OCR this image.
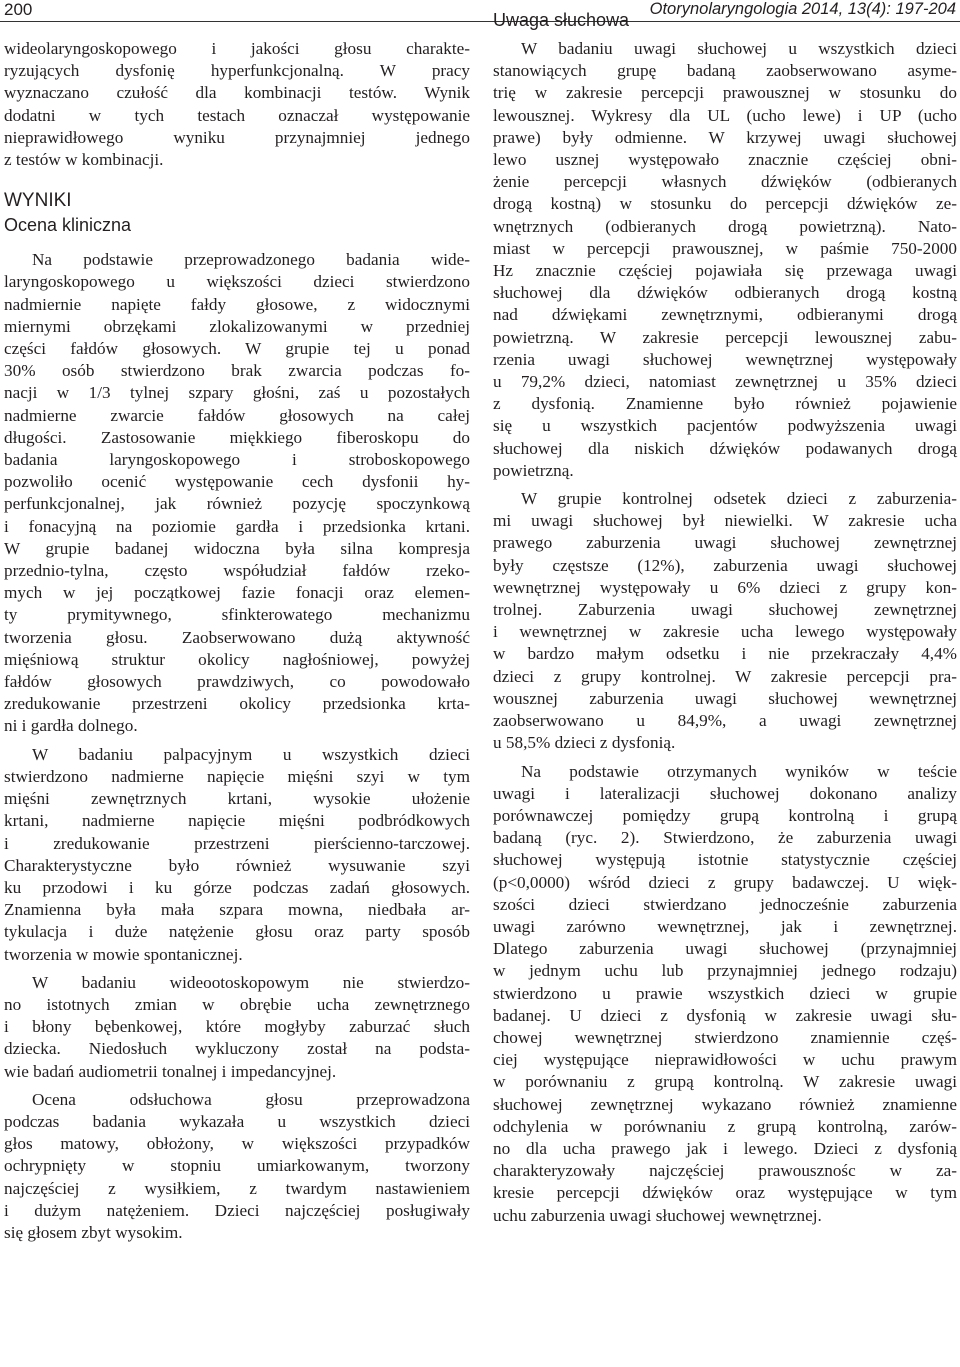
200	Otorynolaryngologia 2014, 13(4): 197-204
wideolaryngoskopowego i jakości głosu charakte-
ryzujących dysfonię hyperfunkcjonalną. W pracy
wyznaczano czułość dla kombinacji testów. Wynik
dodatni w tych testach oznaczał występowanie
nieprawidłowego wyniku przynajmniej jednego
z testów w kombinacji.
WYNIKI
Ocena kliniczna
Na podstawie przeprowadzonego badania wide-
laryngoskopowego u większości dzieci stwierdzono
nadmiernie napięte fałdy głosowe, z widocznymi
miernymi obrzękami zlokalizowanymi w przedniej
części fałdów głosowych. W grupie tej u ponad
30% osób stwierdzono brak zwarcia podczas fo-
nacji w 1/3 tylnej szpary głośni, zaś u pozostałych
nadmierne zwarcie fałdów głosowych na całej
długości. Zastosowanie miękkiego fiberoskopu do
badania laryngoskopowego i stroboskopowego
pozwoliło ocenić występowanie cech dysfonii hy-
perfunkcjonalnej, jak również pozycję spoczynkową
i fonacyjną na poziomie gardła i przedsionka krtani.
W grupie badanej widoczna była silna kompresja
przednio-tylna, często współudział fałdów rzeko-
mych w jej początkowej fazie fonacji oraz elemen-
ty prymitywnego, sfinkterowatego mechanizmu
tworzenia głosu. Zaobserwowano dużą aktywność
mięśniową struktur okolicy nagłośniowej, powyżej
fałdów głosowych prawdziwych, co powodowało
zredukowanie przestrzeni okolicy przedsionka krta-
ni i gardła dolnego.
W badaniu palpacyjnym u wszystkich dzieci
stwierdzono nadmierne napięcie mięśni szyi w tym
mięśni zewnętrznych krtani, wysokie ułożenie
krtani, nadmierne napięcie mięśni podbródkowych
i zredukowanie przestrzeni pierścienno-tarczowej.
Charakterystyczne było również wysuwanie szyi
ku przodowi i ku górze podczas zadań głosowych.
Znamienna była mała szpara mowna, niedbała ar-
tykulacja i duże natężenie głosu oraz party sposób
tworzenia w mowie spontanicznej.
W badaniu wideootoskopowym nie stwierdzo-
no istotnych zmian w obrębie ucha zewnętrznego
i błony bębenkowej, które mogłyby zaburzać słuch
dziecka. Niedosłuch wykluczony został na podsta-
wie badań audiometrii tonalnej i impedancyjnej.
Ocena odsłuchowa głosu przeprowadzona
podczas badania wykazała u wszystkich dzieci
głos matowy, obłożony, w większości przypadków
ochrypnięty w stopniu umiarkowanym, tworzony
najczęściej z wysiłkiem, z twardym nastawieniem
i dużym natężeniem. Dzieci najczęściej posługiwały
się głosem zbyt wysokim.
Uwaga słuchowa
W badaniu uwagi słuchowej u wszystkich dzieci
stanowiących grupę badaną zaobserwowano asyme-
trię w zakresie percepcji prawousznej w stosunku do
lewousznej. Wykresy dla UL (ucho lewe) i UP (ucho
prawe) były odmienne. W krzywej uwagi słuchowej
lewo usznej występowało znacznie częściej obni-
żenie percepcji własnych dźwięków (odbieranych
drogą kostną) w stosunku do percepcji dźwięków ze-
wnętrznych (odbieranych drogą powietrzną). Nato-
miast w percepcji prawousznej, w paśmie 750-2000
Hz znacznie częściej pojawiała się przewaga uwagi
słuchowej dla dźwięków odbieranych drogą kostną
nad dźwiękami zewnętrznymi, odbieranymi drogą
powietrzną. W zakresie percepcji lewousznej zabu-
rzenia uwagi słuchowej wewnętrznej występowały
u 79,2% dzieci, natomiast zewnętrznej u 35% dzieci
z dysfonią. Znamienne było również pojawienie
się u wszystkich pacjentów podwyższenia uwagi
słuchowej dla niskich dźwięków podawanych drogą
powietrzną.
W grupie kontrolnej odsetek dzieci z zaburzenia-
mi uwagi słuchowej był niewielki. W zakresie ucha
prawego zaburzenia uwagi słuchowej zewnętrznej
były częstsze (12%), zaburzenia uwagi słuchowej
wewnętrznej występowały u 6% dzieci z grupy kon-
trolnej. Zaburzenia uwagi słuchowej zewnętrznej
i wewnętrznej w zakresie ucha lewego występowały
w bardzo małym odsetku i nie przekraczały 4,4%
dzieci z grupy kontrolnej. W zakresie percepcji pra-
wousznej zaburzenia uwagi słuchowej wewnętrznej
zaobserwowano u 84,9%, a uwagi zewnętrznej
u 58,5% dzieci z dysfonią.
Na podstawie otrzymanych wyników w teście
uwagi i lateralizacji słuchowej dokonano analizy
porównawczej pomiędzy grupą kontrolną i grupą
badaną (ryc. 2). Stwierdzono, że zaburzenia uwagi
słuchowej występują istotnie statystycznie częściej
(p<0,0000) wśród dzieci z grupy badawczej. U więk-
szości dzieci stwierdzano jednocześnie zaburzenia
uwagi zarówno wewnętrznej, jak i zewnętrznej.
Dlatego zaburzenia uwagi słuchowej (przynajmniej
w jednym uchu lub przynajmniej jednego rodzaju)
stwierdzono u prawie wszystkich dzieci w grupie
badanej. U dzieci z dysfonią w zakresie uwagi słu-
chowej wewnętrznej stwierdzono znamiennie częś-
ciej występujące nieprawidłowości w uchu prawym
w porównaniu z grupą kontrolną. W zakresie uwagi
słuchowej zewnętrznej wykazano również znamienne
odchylenia w porównaniu z grupą kontrolną, zarów-
no dla ucha prawego jak i lewego. Dzieci z dysfonią
charakteryzowały najczęściej prawousznośc w za-
kresie percepcji dźwięków oraz występujące w tym
uchu zaburzenia uwagi słuchowej wewnętrznej.
